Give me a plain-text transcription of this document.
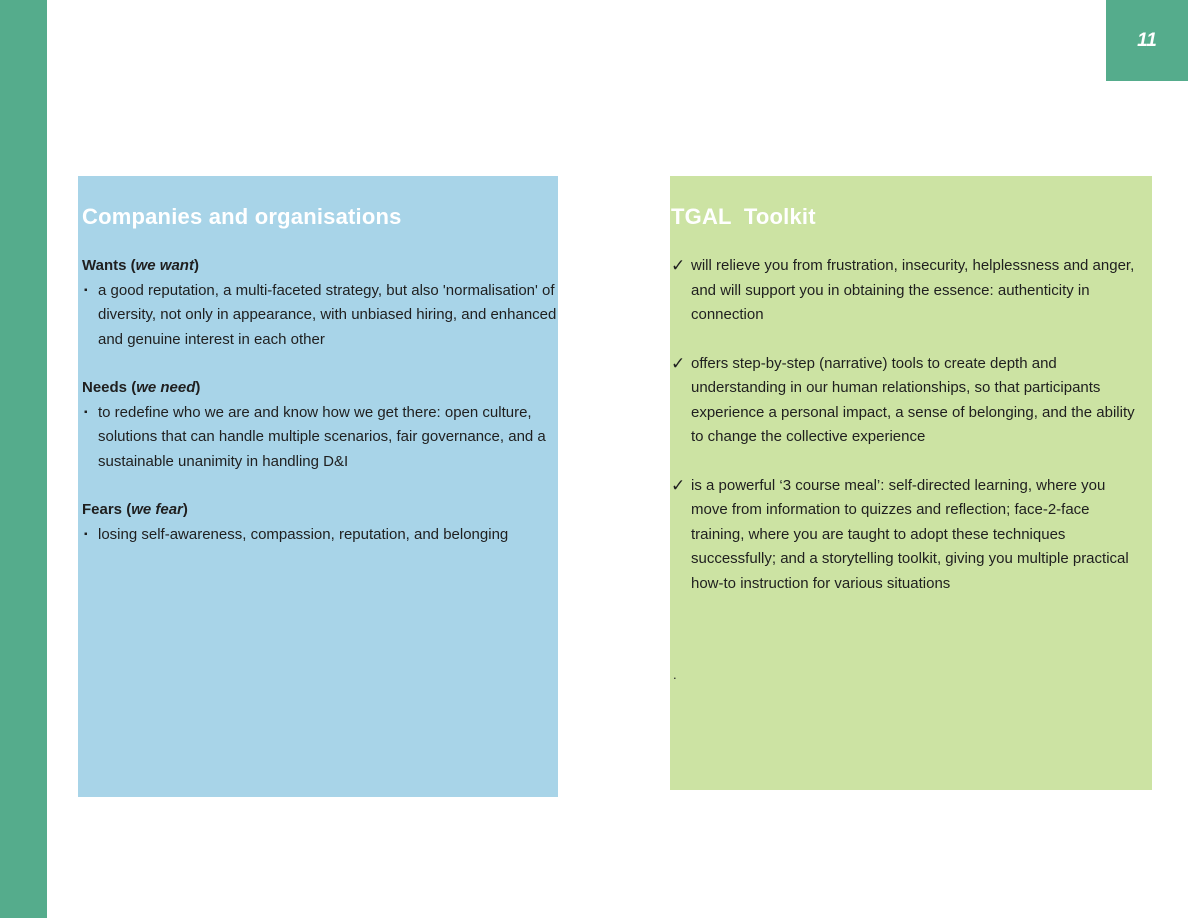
11
Companies and organisations
Wants (we want)
▪ a good reputation, a multi-faceted strategy, but also 'normalisation' of diversity, not only in appearance, with unbiased hiring, and enhanced and genuine interest in each other
Needs (we need)
▪ to redefine who we are and know how we get there: open culture, solutions that can handle multiple scenarios, fair governance, and a sustainable unanimity in handling D&I
Fears (we fear)
▪ losing self-awareness, compassion, reputation, and belonging
TGAL  Toolkit
✓ will relieve you from frustration, insecurity, helplessness and anger, and will support you in obtaining the essence: authenticity in connection
✓ offers step-by-step (narrative) tools to create depth and understanding in our human relationships, so that participants experience a personal impact, a sense of belonging, and the ability to change the collective experience
✓ is a powerful ‘3 course meal’: self-directed learning, where you move from information to quizzes and reflection; face-2-face training, where you are taught to adopt these techniques successfully; and a storytelling toolkit, giving you multiple practical how-to instruction for various situations
.
